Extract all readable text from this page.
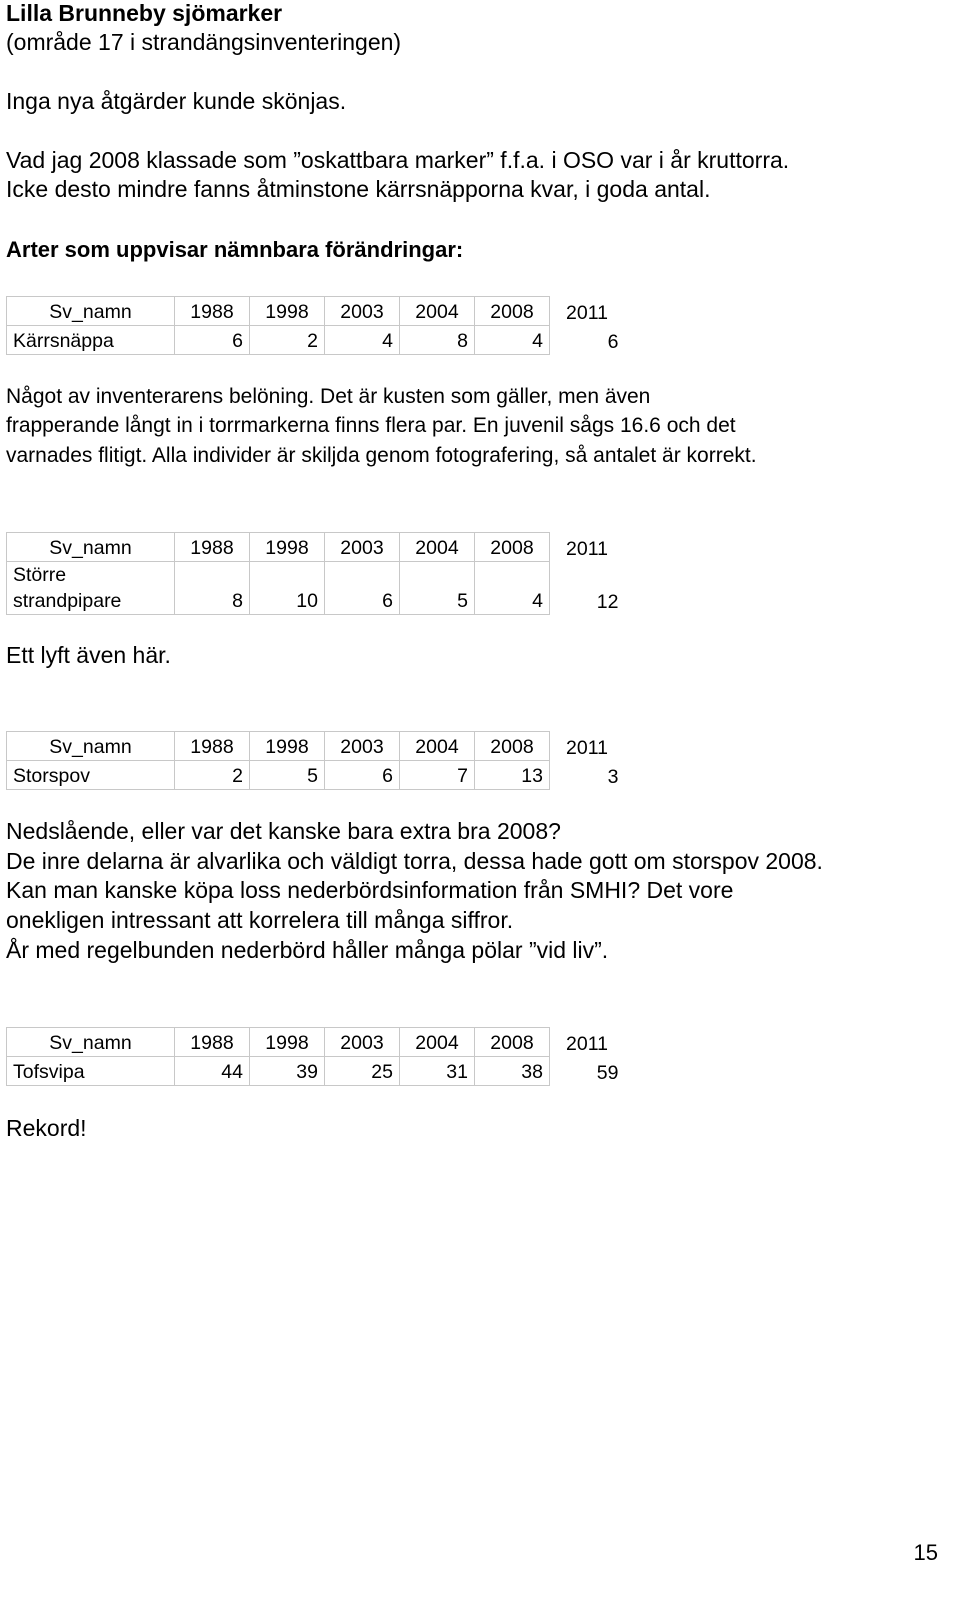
Lilla Brunneby sjömarker
(område 17 i strandängsinventeringen)
Inga nya åtgärder kunde skönjas.
Vad jag 2008 klassade som ”oskattbara marker” f.f.a. i OSO var i år kruttorra.
Icke desto mindre fanns åtminstone kärrsnäpporna kvar, i goda antal.
Arter som uppvisar nämnbara förändringar:
Sv_namn	1988	1998	2003	2004	2008	2011
Kärrsnäppa	6	2	4	8	4	6
Något av inventerarens belöning. Det är kusten som gäller, men även
frapperande långt in i torrmarkerna finns flera par. En juvenil sågs 16.6 och det
varnades flitigt. Alla individer är skiljda genom fotografering, så antalet är korrekt.
Sv_namn	1988	1998	2003	2004	2008	2011

Större
strandpipare	8	10	6	5	4	12
Ett lyft även här.
Sv_namn	1988	1998	2003	2004	2008	2011
Storspov	2	5	6	7	13	3
Nedslående, eller var det kanske bara extra bra 2008?
De inre delarna är alvarlika och väldigt torra, dessa hade gott om storspov 2008.
Kan man kanske köpa loss nederbördsinformation från SMHI? Det vore
onekligen intressant att korrelera till många siffror.
År med regelbunden nederbörd håller många pölar ”vid liv”.
Sv_namn	1988	1998	2003	2004	2008	2011
Tofsvipa	44	39	25	31	38	59
Rekord!
15
